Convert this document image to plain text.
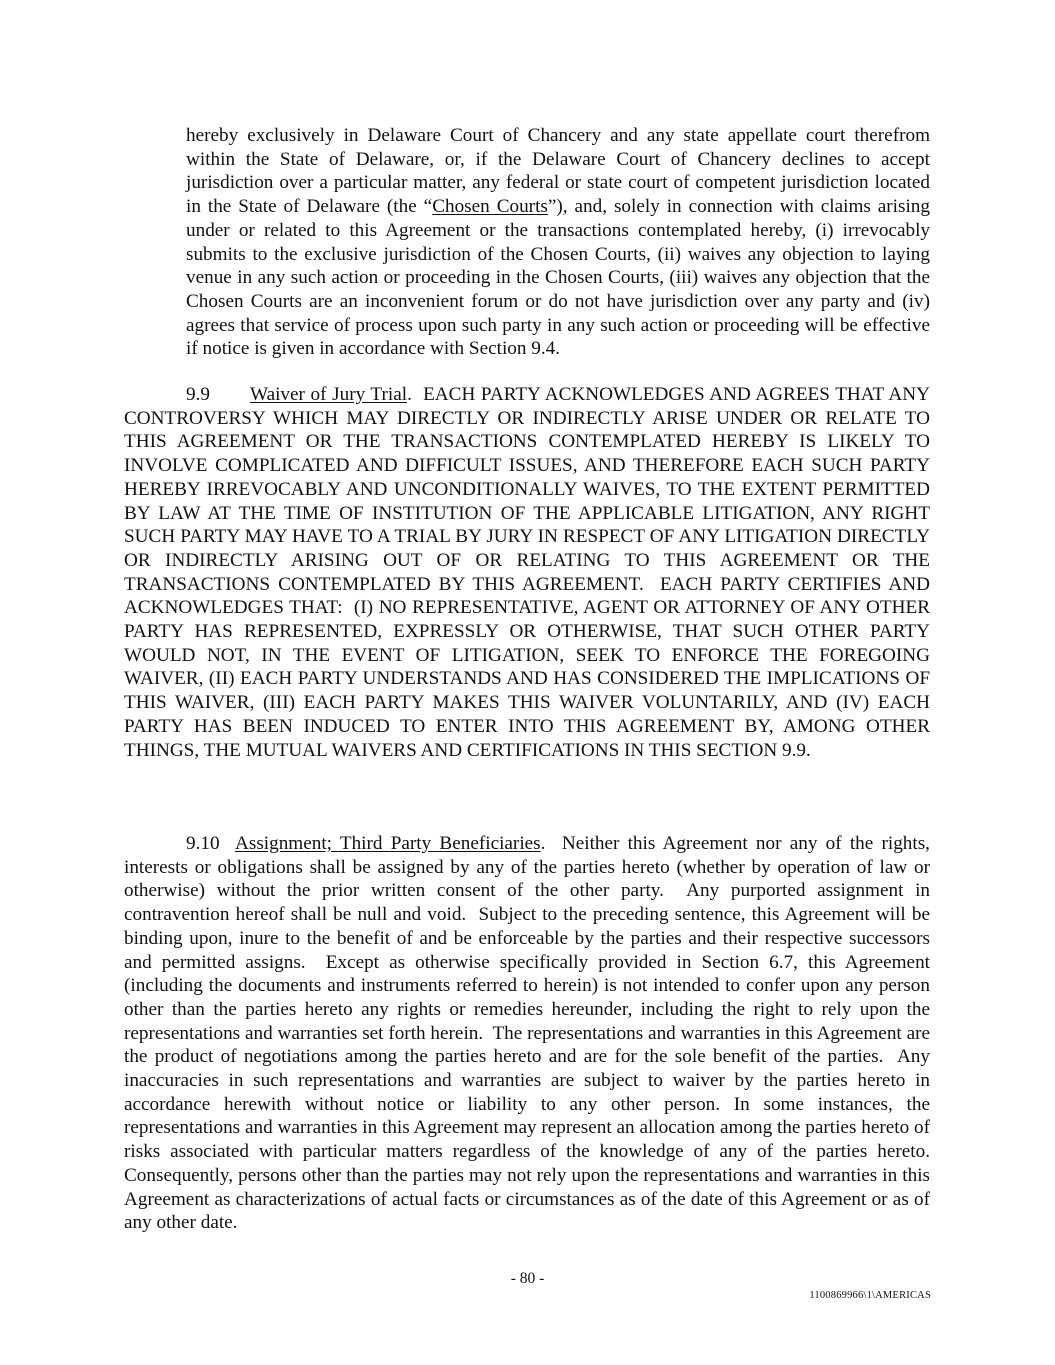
hereby exclusively in Delaware Court of Chancery and any state appellate court therefrom within the State of Delaware, or, if the Delaware Court of Chancery declines to accept jurisdiction over a particular matter, any federal or state court of competent jurisdiction located in the State of Delaware (the “Chosen Courts”), and, solely in connection with claims arising under or related to this Agreement or the transactions contemplated hereby, (i) irrevocably submits to the exclusive jurisdiction of the Chosen Courts, (ii) waives any objection to laying venue in any such action or proceeding in the Chosen Courts, (iii) waives any objection that the Chosen Courts are an inconvenient forum or do not have jurisdiction over any party and (iv) agrees that service of process upon such party in any such action or proceeding will be effective if notice is given in accordance with Section 9.4.

9.9 Waiver of Jury Trial.  EACH PARTY ACKNOWLEDGES AND AGREES THAT ANY CONTROVERSY WHICH MAY DIRECTLY OR INDIRECTLY ARISE UNDER OR RELATE TO THIS AGREEMENT OR THE TRANSACTIONS CONTEMPLATED HEREBY IS LIKELY TO INVOLVE COMPLICATED AND DIFFICULT ISSUES, AND THEREFORE EACH SUCH PARTY HEREBY IRREVOCABLY AND UNCONDITIONALLY WAIVES, TO THE EXTENT PERMITTED BY LAW AT THE TIME OF INSTITUTION OF THE APPLICABLE LITIGATION, ANY RIGHT SUCH PARTY MAY HAVE TO A TRIAL BY JURY IN RESPECT OF ANY LITIGATION DIRECTLY OR INDIRECTLY ARISING OUT OF OR RELATING TO THIS AGREEMENT OR THE TRANSACTIONS CONTEMPLATED BY THIS AGREEMENT.  EACH PARTY CERTIFIES AND ACKNOWLEDGES THAT:  (I) NO REPRESENTATIVE, AGENT OR ATTORNEY OF ANY OTHER PARTY HAS REPRESENTED, EXPRESSLY OR OTHERWISE, THAT SUCH OTHER PARTY WOULD NOT, IN THE EVENT OF LITIGATION, SEEK TO ENFORCE THE FOREGOING WAIVER, (II) EACH PARTY UNDERSTANDS AND HAS CONSIDERED THE IMPLICATIONS OF THIS WAIVER, (III) EACH PARTY MAKES THIS WAIVER VOLUNTARILY, AND (IV) EACH PARTY HAS BEEN INDUCED TO ENTER INTO THIS AGREEMENT BY, AMONG OTHER THINGS, THE MUTUAL WAIVERS AND CERTIFICATIONS IN THIS SECTION 9.9.

9.10 Assignment; Third Party Beneficiaries.  Neither this Agreement nor any of the rights, interests or obligations shall be assigned by any of the parties hereto (whether by operation of law or otherwise) without the prior written consent of the other party.  Any purported assignment in contravention hereof shall be null and void.  Subject to the preceding sentence, this Agreement will be binding upon, inure to the benefit of and be enforceable by the parties and their respective successors and permitted assigns.  Except as otherwise specifically provided in Section 6.7, this Agreement (including the documents and instruments referred to herein) is not intended to confer upon any person other than the parties hereto any rights or remedies hereunder, including the right to rely upon the representations and warranties set forth herein.  The representations and warranties in this Agreement are the product of negotiations among the parties hereto and are for the sole benefit of the parties.  Any inaccuracies in such representations and warranties are subject to waiver by the parties hereto in accordance herewith without notice or liability to any other person. In some instances, the representations and warranties in this Agreement may represent an allocation among the parties hereto of risks associated with particular matters regardless of the knowledge of any of the parties hereto.  Consequently, persons other than the parties may not rely upon the representations and warranties in this Agreement as characterizations of actual facts or circumstances as of the date of this Agreement or as of any other date.

- 80 -
1100869966\1\AMERICAS
